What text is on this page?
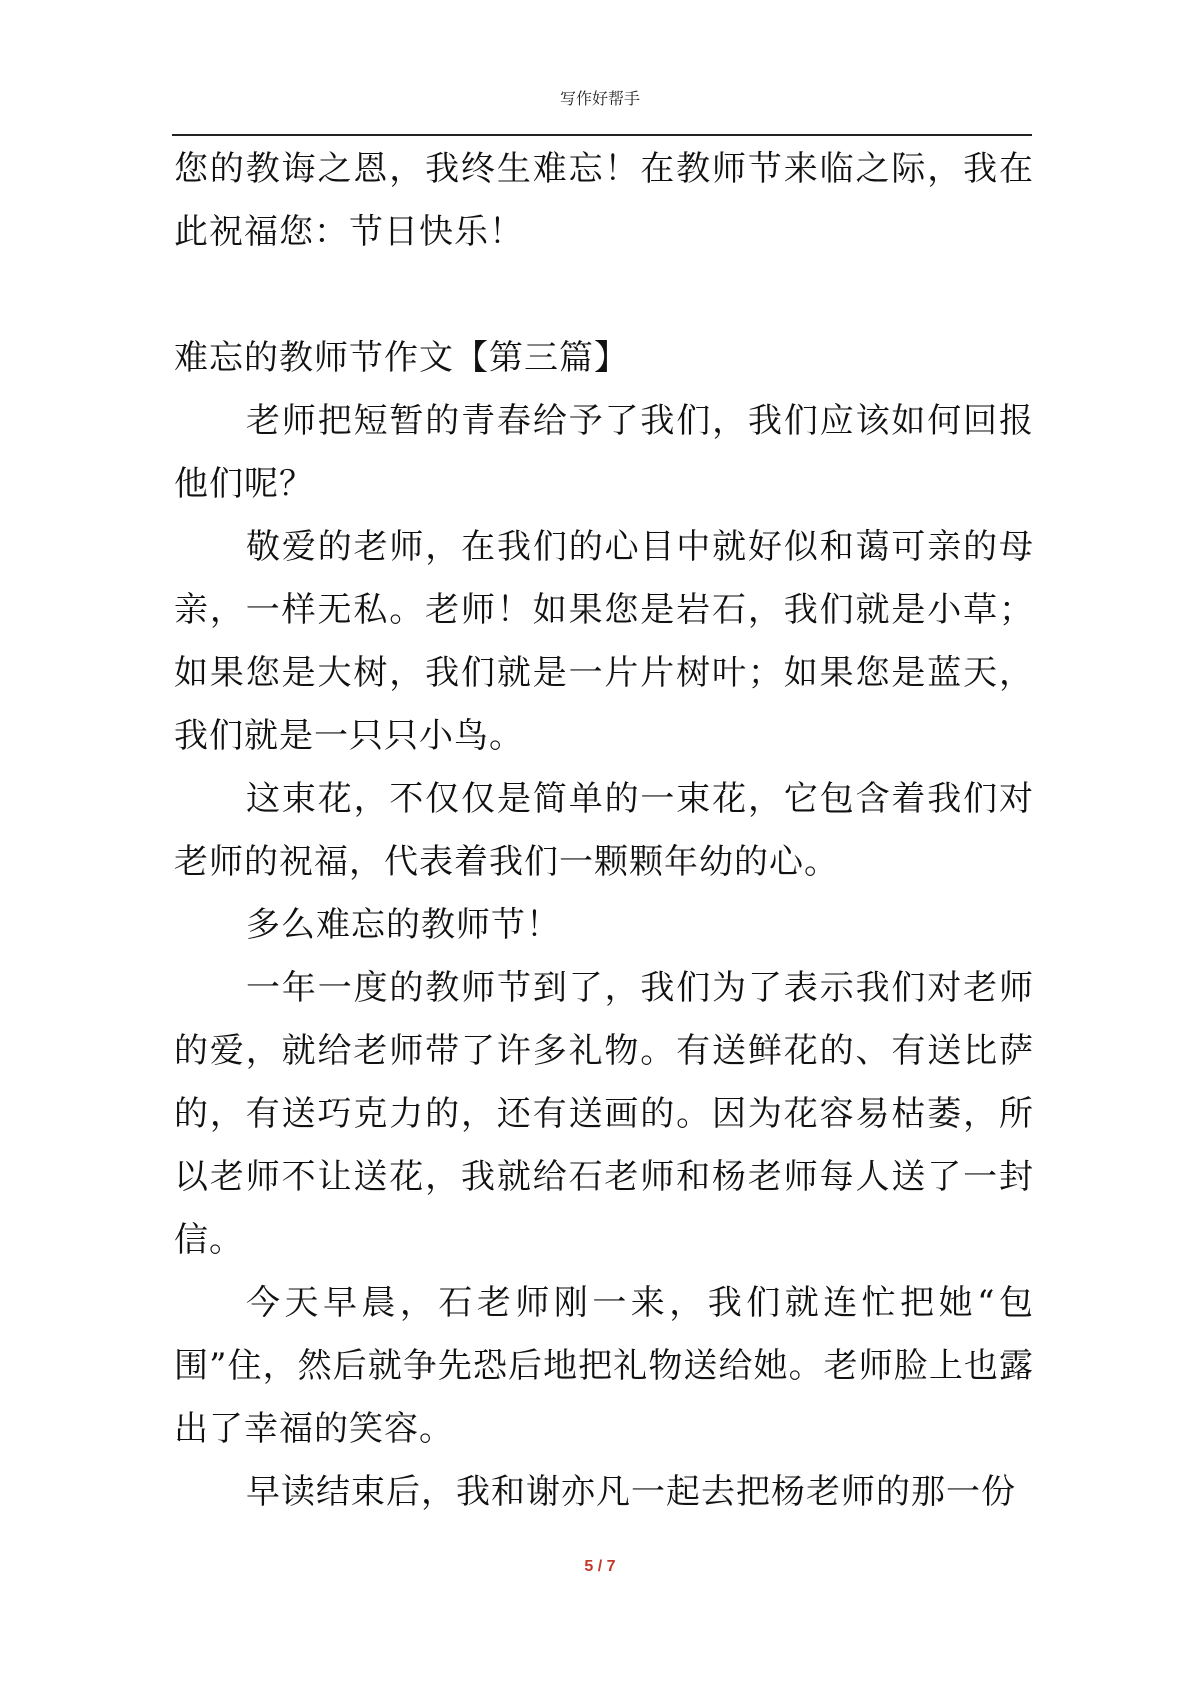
写作好帮手

您的教诲之恩，我终生难忘！在教师节来临之际，我在此祝福您：节日快乐！

难忘的教师节作文【第三篇】

老师把短暂的青春给予了我们，我们应该如何回报他们呢？

敬爱的老师，在我们的心目中就好似和蔼可亲的母亲，一样无私。老师！如果您是岩石，我们就是小草；如果您是大树，我们就是一片片树叶；如果您是蓝天，我们就是一只只小鸟。

这束花，不仅仅是简单的一束花，它包含着我们对老师的祝福，代表着我们一颗颗年幼的心。

多么难忘的教师节！

一年一度的教师节到了，我们为了表示我们对老师的爱，就给老师带了许多礼物。有送鲜花的、有送比萨的，有送巧克力的，还有送画的。因为花容易枯萎，所以老师不让送花，我就给石老师和杨老师每人送了一封信。

今天早晨，石老师刚一来，我们就连忙把她“包围”住，然后就争先恐后地把礼物送给她。老师脸上也露出了幸福的笑容。

早读结束后，我和谢亦凡一起去把杨老师的那一份

5 / 7
